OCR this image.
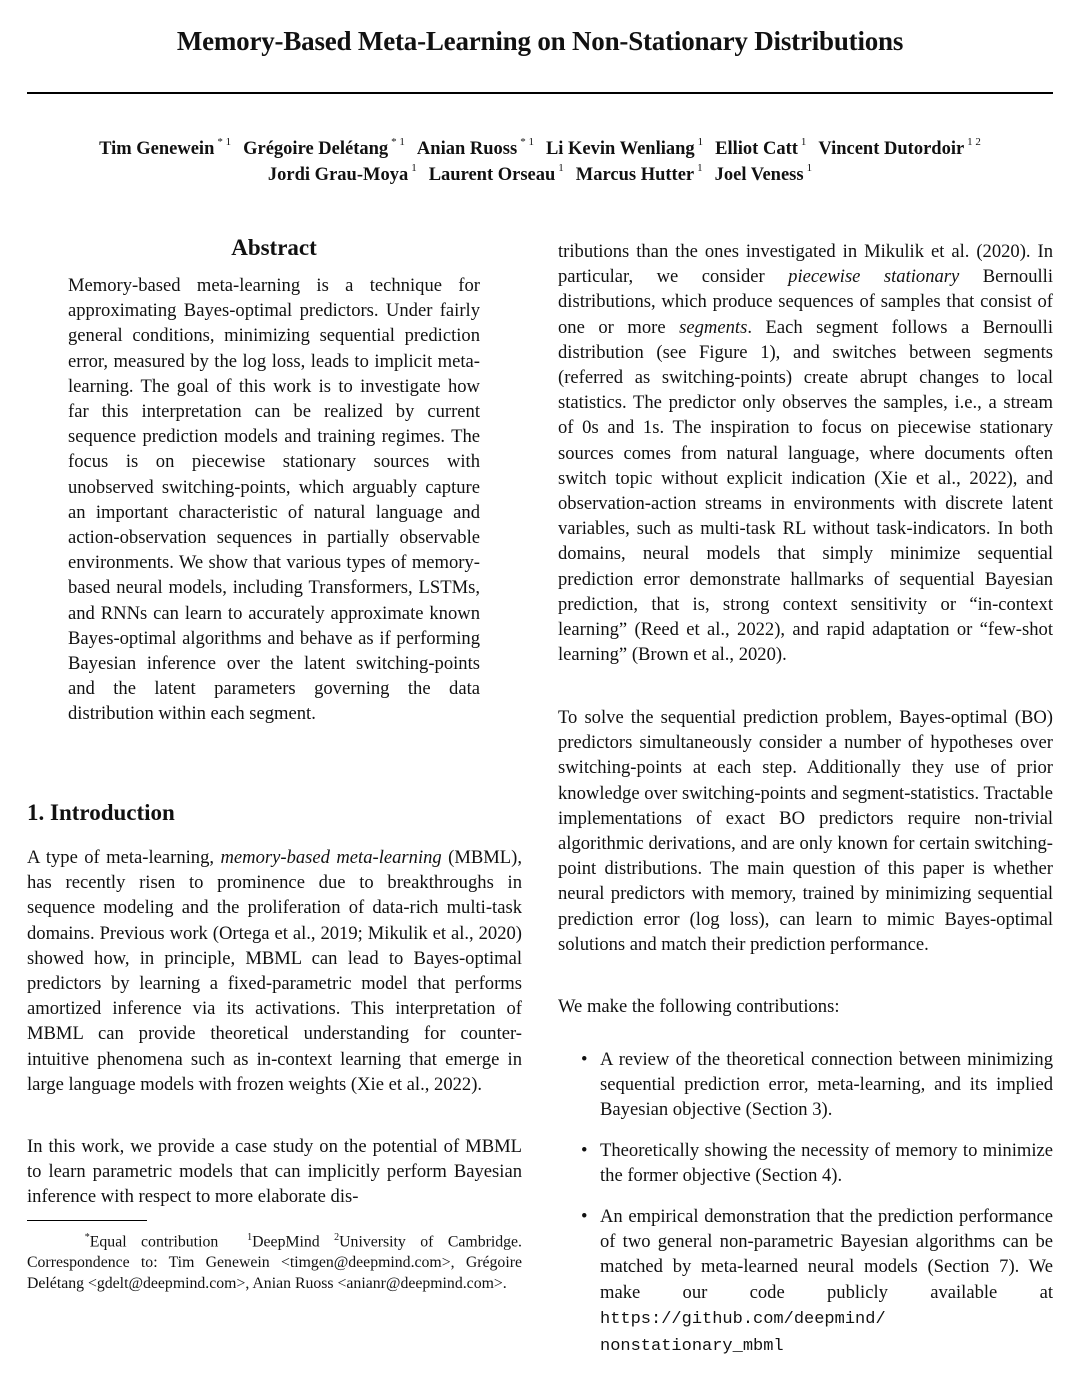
Memory-Based Meta-Learning on Non-Stationary Distributions
Tim Genewein $^{* 1}$ Grégoire Delétang $^{* 1}$ Anian Ruoss $^{* 1}$ Li Kevin Wenliang $^1$ Elliot Catt $^1$ Vincent Dutordoir $^{1 2}$
Jordi Grau-Moya $^1$ Laurent Orseau $^1$ Marcus Hutter $^1$ Joel Veness $^1$
Abstract
Memory-based meta-learning is a technique for approximating Bayes-optimal predictors. Under fairly general conditions, minimizing sequential prediction error, measured by the log loss, leads to implicit meta-learning. The goal of this work is to investigate how far this interpretation can be realized by current sequence prediction models and training regimes. The focus is on piecewise stationary sources with unobserved switching-points, which arguably capture an important characteristic of natural language and action-observation sequences in partially observable environments. We show that various types of memory-based neural models, including Transformers, LSTMs, and RNNs can learn to accurately approximate known Bayes-optimal algorithms and behave as if performing Bayesian inference over the latent switching-points and the latent parameters governing the data distribution within each segment.
1. Introduction
A type of meta-learning, memory-based meta-learning (MBML), has recently risen to prominence due to breakthroughs in sequence modeling and the proliferation of data-rich multi-task domains. Previous work (Ortega et al., 2019; Mikulik et al., 2020) showed how, in principle, MBML can lead to Bayes-optimal predictors by learning a fixed-parametric model that performs amortized inference via its activations. This interpretation of MBML can provide theoretical understanding for counter-intuitive phenomena such as in-context learning that emerge in large language models with frozen weights (Xie et al., 2022).
In this work, we provide a case study on the potential of MBML to learn parametric models that can implicitly perform Bayesian inference with respect to more elaborate dis-
*Equal contribution	$^1$DeepMind $^2$University of Cambridge. Correspondence to: Tim Genewein <timgen@deepmind.com>, Grégoire Delétang <gdelt@deepmind.com>, Anian Ruoss <anianr@deepmind.com>.
tributions than the ones investigated in Mikulik et al. (2020). In particular, we consider piecewise stationary Bernoulli distributions, which produce sequences of samples that consist of one or more segments. Each segment follows a Bernoulli distribution (see Figure 1), and switches between segments (referred as switching-points) create abrupt changes to local statistics. The predictor only observes the samples, i.e., a stream of 0s and 1s. The inspiration to focus on piecewise stationary sources comes from natural language, where documents often switch topic without explicit indication (Xie et al., 2022), and observation-action streams in environments with discrete latent variables, such as multi-task RL without task-indicators. In both domains, neural models that simply minimize sequential prediction error demonstrate hallmarks of sequential Bayesian prediction, that is, strong context sensitivity or “in-context learning” (Reed et al., 2022), and rapid adaptation or “few-shot learning” (Brown et al., 2020).
To solve the sequential prediction problem, Bayes-optimal (BO) predictors simultaneously consider a number of hypotheses over switching-points at each step. Additionally they use of prior knowledge over switching-points and segment-statistics. Tractable implementations of exact BO predictors require non-trivial algorithmic derivations, and are only known for certain switching-point distributions. The main question of this paper is whether neural predictors with memory, trained by minimizing sequential prediction error (log loss), can learn to mimic Bayes-optimal solutions and match their prediction performance.
We make the following contributions:
• A review of the theoretical connection between minimizing sequential prediction error, meta-learning, and its implied Bayesian objective (Section 3).
• Theoretically showing the necessity of memory to minimize the former objective (Section 4).
• An empirical demonstration that the prediction performance of two general non-parametric Bayesian algorithms can be matched by meta-learned neural models (Section 7). We make our code publicly available at https://github.com/deepmind/ nonstationary_mbml
